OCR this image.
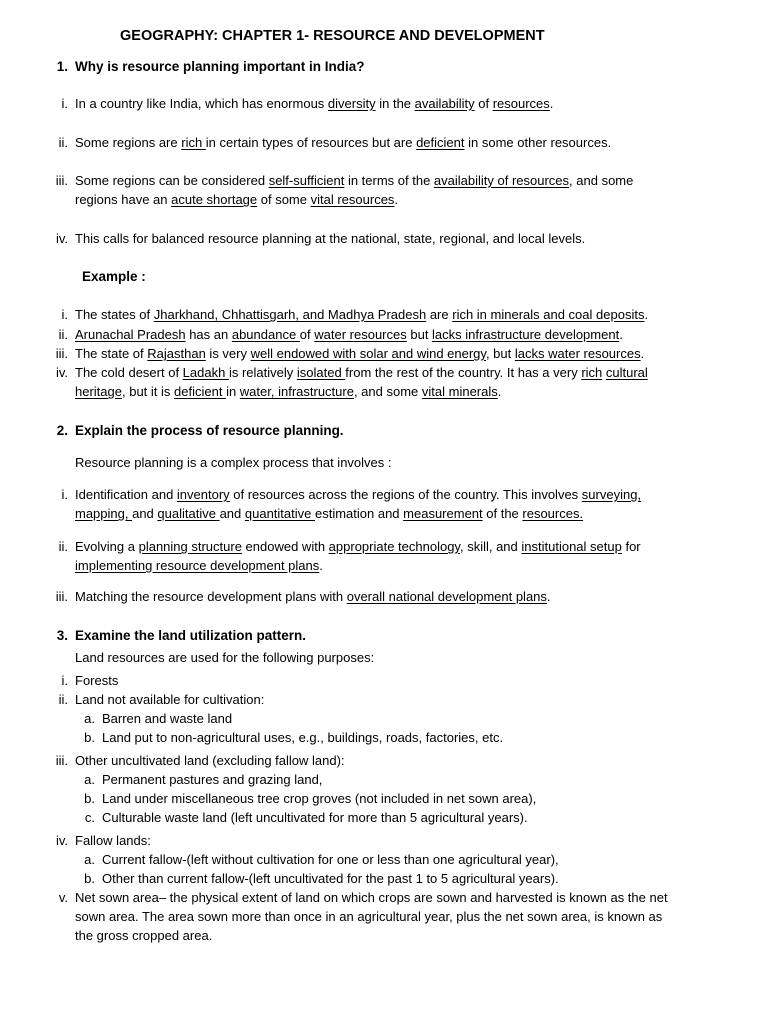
GEOGRAPHY: CHAPTER 1- RESOURCE AND DEVELOPMENT
1. Why is resource planning important in India?
i. In a country like India, which has enormous diversity in the availability of resources.
ii. Some regions are rich in certain types of resources but are deficient in some other resources.
iii. Some regions can be considered self-sufficient in terms of the availability of resources, and some
regions have an acute shortage of some vital resources.
iv. This calls for balanced resource planning at the national, state, regional, and local levels.
Example :
i. The states of Jharkhand, Chhattisgarh, and Madhya Pradesh are rich in minerals and coal deposits.
ii. Arunachal Pradesh has an abundance of water resources but lacks infrastructure development.
iii. The state of Rajasthan is very well endowed with solar and wind energy, but lacks water resources.
iv. The cold desert of Ladakh is relatively isolated from the rest of the country. It has a very rich cultural
heritage, but it is deficient in water, infrastructure, and some vital minerals.
2. Explain the process of resource planning.
Resource planning is a complex process that involves :
i. Identification and inventory of resources across the regions of the country. This involves surveying,
mapping, and qualitative and quantitative estimation and measurement of the resources.
ii. Evolving a planning structure endowed with appropriate technology, skill, and institutional setup for
implementing resource development plans.
iii. Matching the resource development plans with overall national development plans.
3. Examine the land utilization pattern.
Land resources are used for the following purposes:
i. Forests
ii. Land not available for cultivation:
a. Barren and waste land
b. Land put to non-agricultural uses, e.g., buildings, roads, factories, etc.
iii. Other uncultivated land (excluding fallow land):
a. Permanent pastures and grazing land,
b. Land under miscellaneous tree crop groves (not included in net sown area),
c. Culturable waste land (left uncultivated for more than 5 agricultural years).
iv. Fallow lands:
a. Current fallow-(left without cultivation for one or less than one agricultural year),
b. Other than current fallow-(left uncultivated for the past 1 to 5 agricultural years).
v. Net sown area– the physical extent of land on which crops are sown and harvested is known as the net
sown area. The area sown more than once in an agricultural year, plus the net sown area, is known as
the gross cropped area.
